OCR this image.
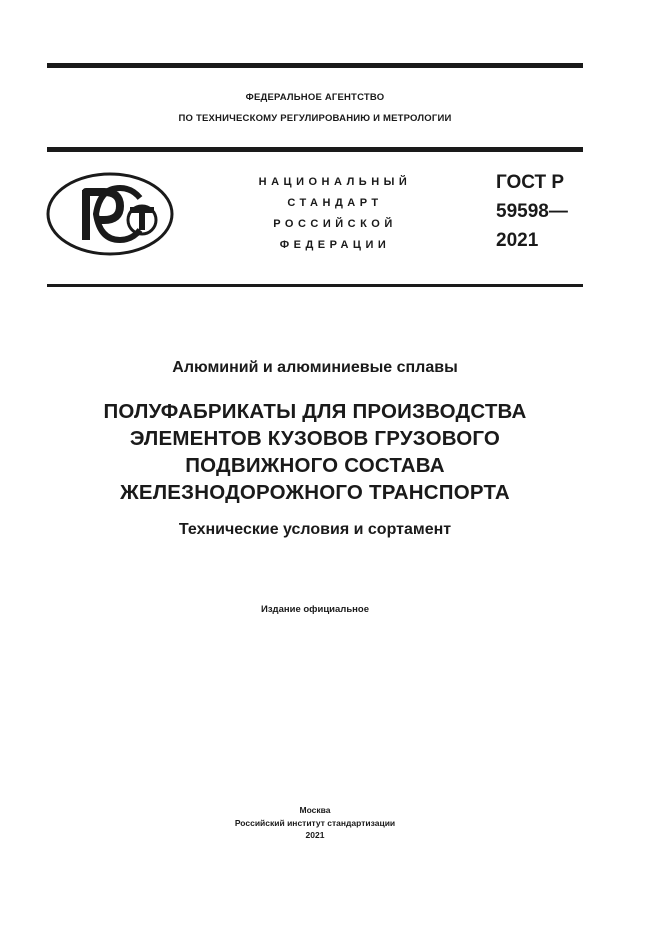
ФЕДЕРАЛЬНОЕ АГЕНТСТВО
ПО ТЕХНИЧЕСКОМУ РЕГУЛИРОВАНИЮ И МЕТРОЛОГИИ
НАЦИОНАЛЬНЫЙ
СТАНДАРТ
РОССИЙСКОЙ
ФЕДЕРАЦИИ
ГОСТ Р
59598—
2021
Алюминий и алюминиевые сплавы
ПОЛУФАБРИКАТЫ ДЛЯ ПРОИЗВОДСТВА
ЭЛЕМЕНТОВ КУЗОВОВ ГРУЗОВОГО
ПОДВИЖНОГО СОСТАВА
ЖЕЛЕЗНОДОРОЖНОГО ТРАНСПОРТА
Технические условия и сортамент
Издание официальное
Москва
Российский институт стандартизации
2021
